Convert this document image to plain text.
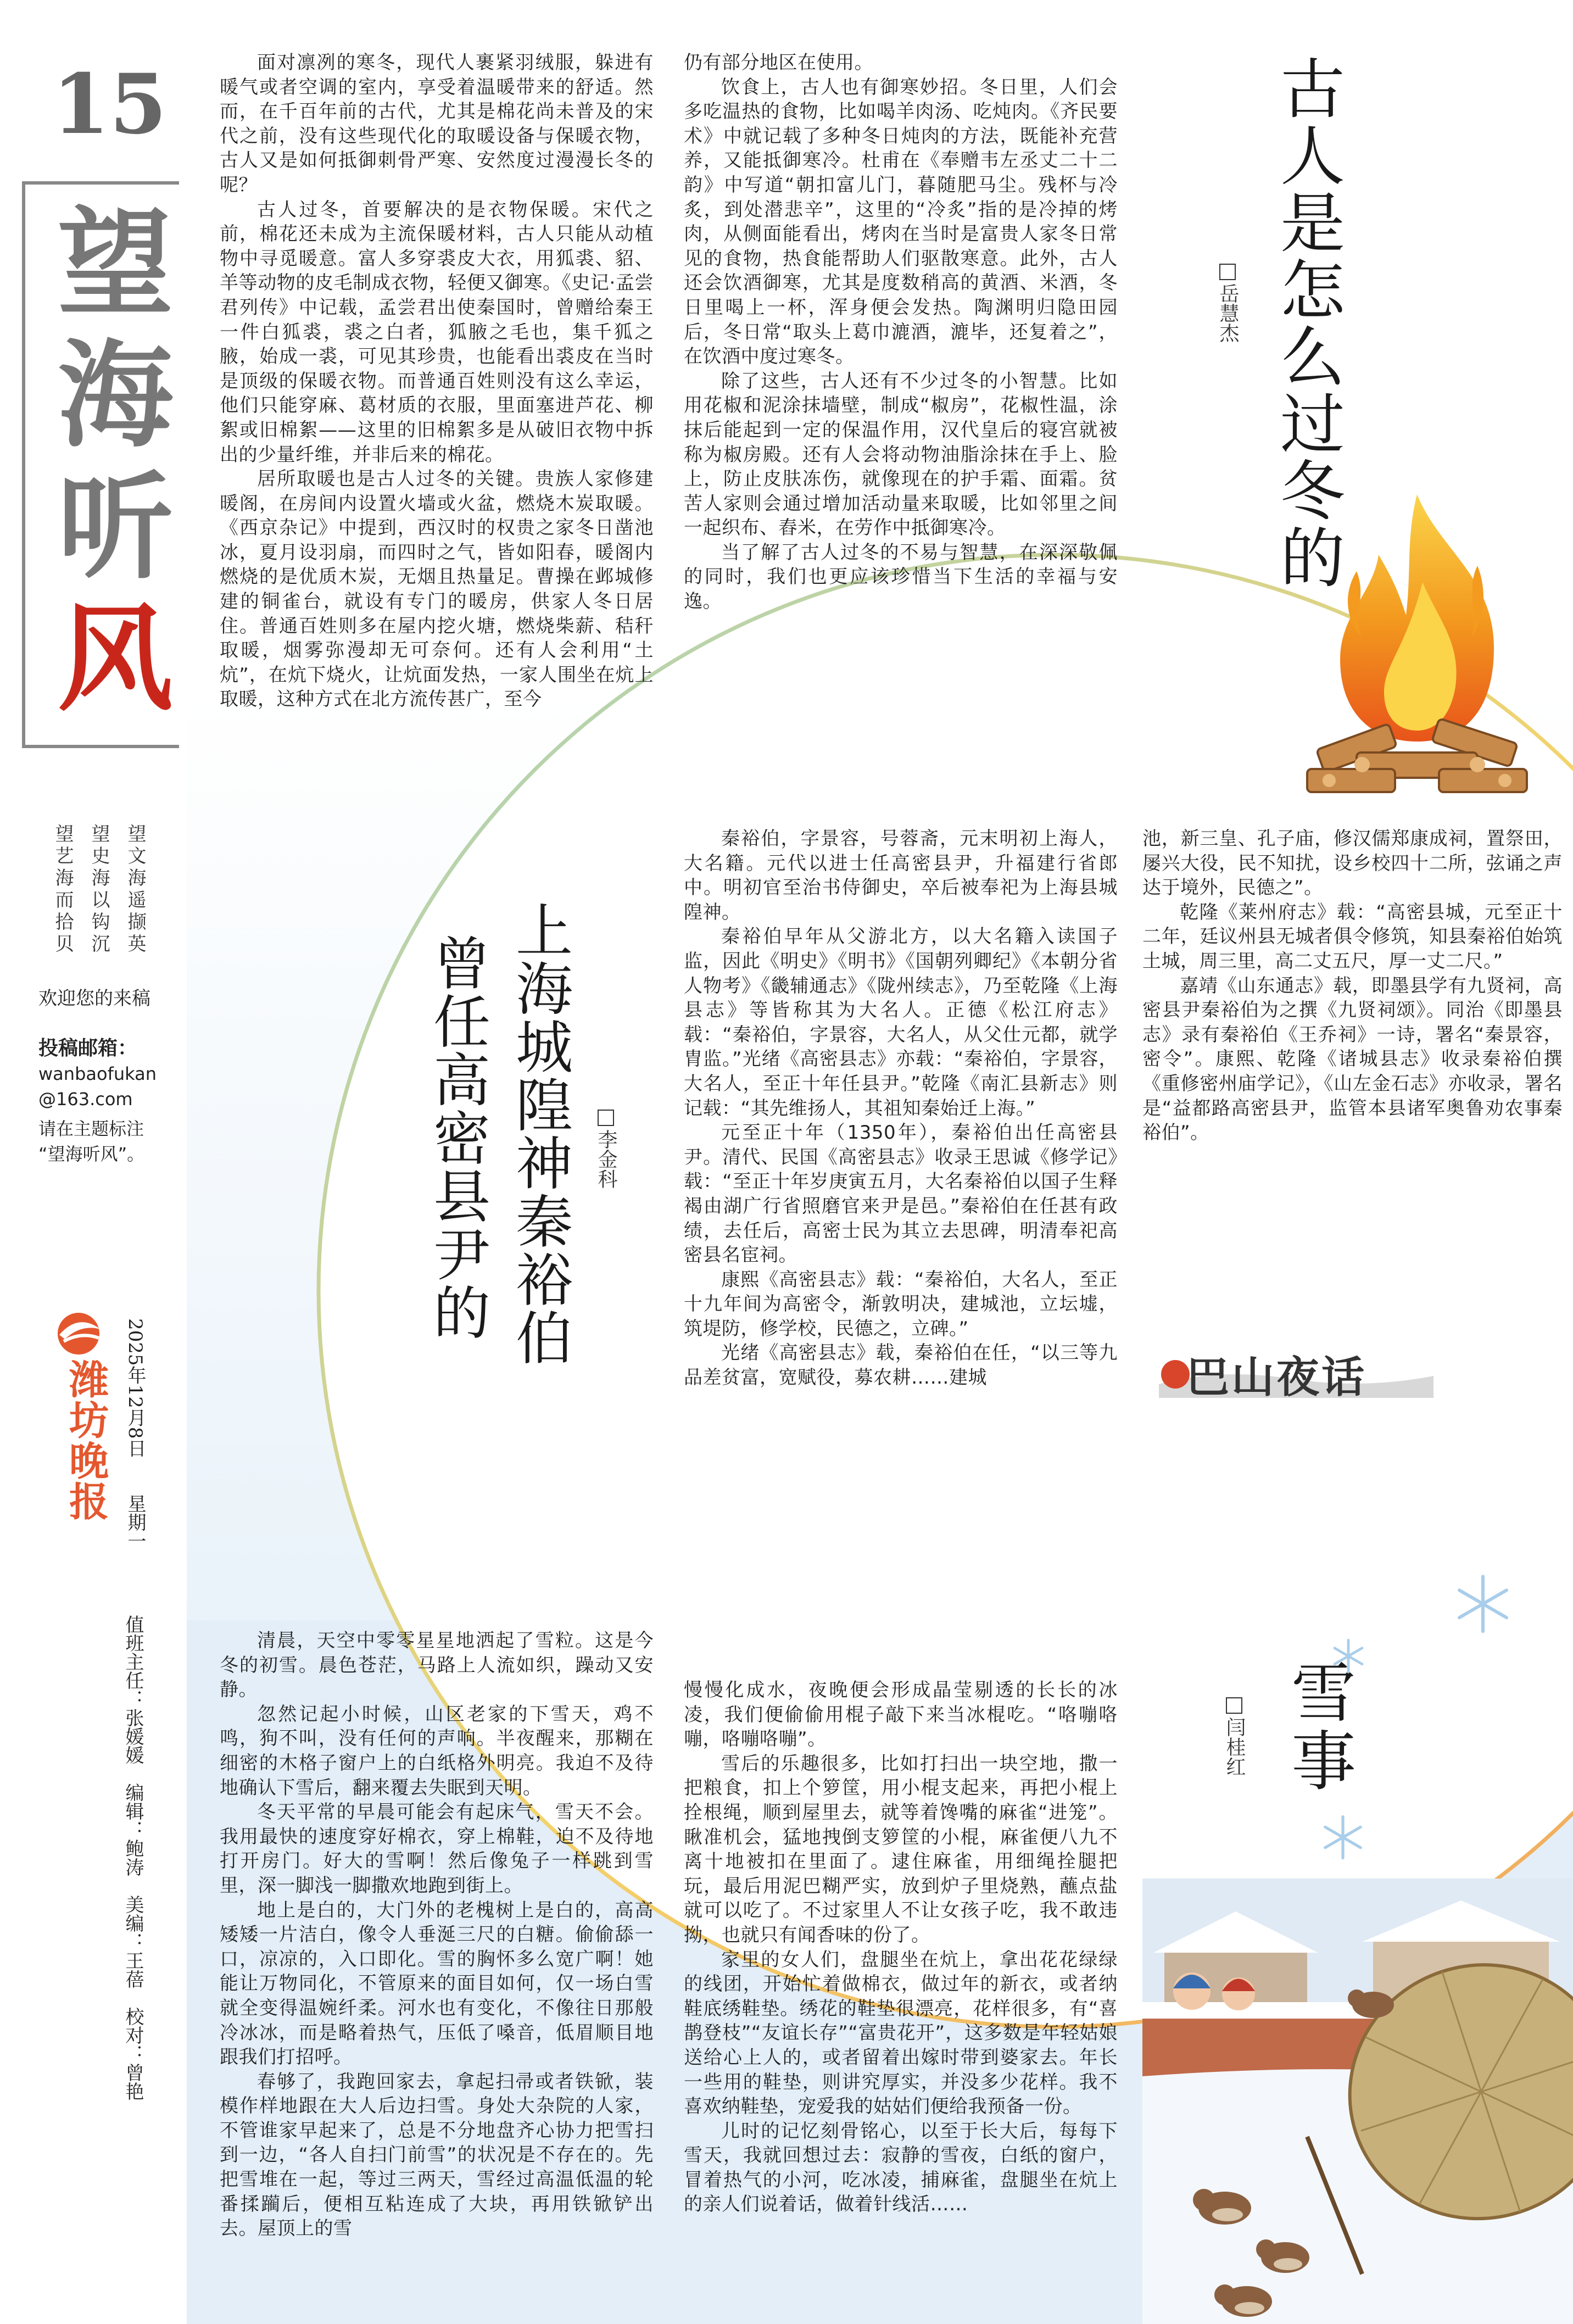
15
望
海
听
风
望文海遥撷英
望史海以钩沉
望艺海而拾贝
欢迎您的来稿
投稿邮箱：
wanbaofukan
@163.com
请在主题标注
“望海听风”。
潍坊晚报 2025年12月8日
星期一
值班主任：张媛媛　编辑：鲍涛　美编：王蓓　校对：曾艳

面对凛冽的寒冬，现代人裹紧羽绒服，躲进有暖气或者空调的室内，享受着温暖带来的舒适。然而，在千百年前的古代，尤其是棉花尚未普及的宋代之前，没有这些现代化的取暖设备与保暖衣物，古人又是如何抵御刺骨严寒、安然度过漫漫长冬的呢？

古人过冬，首要解决的是衣物保暖。宋代之前，棉花还未成为主流保暖材料，古人只能从动植物中寻觅暖意。富人多穿裘皮大衣，用狐裘、貂、羊等动物的皮毛制成衣物，轻便又御寒。《史记·孟尝君列传》中记载，孟尝君出使秦国时，曾赠给秦王一件白狐裘，裘之白者，狐腋之毛也，集千狐之腋，始成一裘，可见其珍贵，也能看出裘皮在当时是顶级的保暖衣物。而普通百姓则没有这么幸运，他们只能穿麻、葛材质的衣服，里面塞进芦花、柳絮或旧棉絮——这里的旧棉絮多是从破旧衣物中拆出的少量纤维，并非后来的棉花。

居所取暖也是古人过冬的关键。贵族人家修建暖阁，在房间内设置火墙或火盆，燃烧木炭取暖。《西京杂记》中提到，西汉时的权贵之家冬日凿池冰，夏月设羽扇，而四时之气，皆如阳春，暖阁内燃烧的是优质木炭，无烟且热量足。曹操在邺城修建的铜雀台，就设有专门的暖房，供家人冬日居住。普通百姓则多在屋内挖火塘，燃烧柴薪、秸秆取暖，烟雾弥漫却无可奈何。还有人会利用“土炕”，在炕下烧火，让炕面发热，一家人围坐在炕上取暖，这种方式在北方流传甚广，至今

仍有部分地区在使用。

饮食上，古人也有御寒妙招。冬日里，人们会多吃温热的食物，比如喝羊肉汤、吃炖肉。《齐民要术》中就记载了多种冬日炖肉的方法，既能补充营养，又能抵御寒冷。杜甫在《奉赠韦左丞丈二十二韵》中写道“朝扣富儿门，暮随肥马尘。残杯与冷炙，到处潜悲辛”，这里的“冷炙”指的是冷掉的烤肉，从侧面能看出，烤肉在当时是富贵人家冬日常见的食物，热食能帮助人们驱散寒意。此外，古人还会饮酒御寒，尤其是度数稍高的黄酒、米酒，冬日里喝上一杯，浑身便会发热。陶渊明归隐田园后，冬日常“取头上葛巾漉酒，漉毕，还复着之”，在饮酒中度过寒冬。

除了这些，古人还有不少过冬的小智慧。比如用花椒和泥涂抹墙壁，制成“椒房”，花椒性温，涂抹后能起到一定的保温作用，汉代皇后的寝宫就被称为椒房殿。还有人会将动物油脂涂抹在手上、脸上，防止皮肤冻伤，就像现在的护手霜、面霜。贫苦人家则会通过增加活动量来取暖，比如邻里之间一起织布、舂米，在劳作中抵御寒冷。

当了解了古人过冬的不易与智慧，在深深敬佩的同时，我们也更应该珍惜当下生活的幸福与安逸。

古人是怎么过冬的
岳慧杰
上海城隍神秦裕伯
曾任高密县尹的	李金科

秦裕伯，字景容，号蓉斋，元末明初上海人，大名籍。元代以进士任高密县尹，升福建行省郎中。明初官至治书侍御史，卒后被奉祀为上海县城隍神。

秦裕伯早年从父游北方，以大名籍入读国子监，因此《明史》《明书》《国朝列卿纪》《本朝分省人物考》《畿辅通志》《陇州续志》，乃至乾隆《上海县志》等皆称其为大名人。正德《松江府志》载：“秦裕伯，字景容，大名人，从父仕元都，就学胄监。”光绪《高密县志》亦载：“秦裕伯，字景容，大名人，至正十年任县尹。”乾隆《南汇县新志》则记载：“其先维扬人，其祖知秦始迁上海。”

元至正十年（1350年），秦裕伯出任高密县尹。清代、民国《高密县志》收录王思诚《修学记》载：“至正十年岁庚寅五月，大名秦裕伯以国子生释褐由湖广行省照磨官来尹是邑。”秦裕伯在任甚有政绩，去任后，高密士民为其立去思碑，明清奉祀高密县名宦祠。

康熙《高密县志》载：“秦裕伯，大名人，至正十九年间为高密令，渐敦明决，建城池，立坛墟，筑堤防，修学校，民德之，立碑。”

光绪《高密县志》载，秦裕伯在任，“以三等九品差贫富，宽赋役，募农耕……建城

池，新三皇、孔子庙，修汉儒郑康成祠，置祭田，屡兴大役，民不知扰，设乡校四十二所，弦诵之声达于境外，民德之”。

乾隆《莱州府志》载：“高密县城，元至正十二年，廷议州县无城者俱令修筑，知县秦裕伯始筑土城，周三里，高二丈五尺，厚一丈二尺。”

嘉靖《山东通志》载，即墨县学有九贤祠，高密县尹秦裕伯为之撰《九贤祠颂》。同治《即墨县志》录有秦裕伯《王乔祠》一诗，署名“秦景容，密令”。康熙、乾隆《诸城县志》收录秦裕伯撰《重修密州庙学记》，《山左金石志》亦收录，署名是“益都路高密县尹，监管本县诸军奥鲁劝农事秦裕伯”。

巴山夜话

清晨，天空中零零星星地洒起了雪粒。这是今冬的初雪。晨色苍茫，马路上人流如织，躁动又安静。

忽然记起小时候，山区老家的下雪天，鸡不鸣，狗不叫，没有任何的声响。半夜醒来，那糊在细密的木格子窗户上的白纸格外明亮。我迫不及待地确认下雪后，翻来覆去失眠到天明。

冬天平常的早晨可能会有起床气，雪天不会。我用最快的速度穿好棉衣，穿上棉鞋，迫不及待地打开房门。好大的雪啊！然后像兔子一样跳到雪里，深一脚浅一脚撒欢地跑到街上。

地上是白的，大门外的老槐树上是白的，高高矮矮一片洁白，像令人垂涎三尺的白糖。偷偷舔一口，凉凉的，入口即化。雪的胸怀多么宽广啊！她能让万物同化，不管原来的面目如何，仅一场白雪就全变得温婉纤柔。河水也有变化，不像往日那般冷冰冰，而是略着热气，压低了嗓音，低眉顺目地跟我们打招呼。

春够了，我跑回家去，拿起扫帚或者铁锨，装模作样地跟在大人后边扫雪。身处大杂院的人家，不管谁家早起来了，总是不分地盘齐心协力把雪扫到一边，“各人自扫门前雪”的状况是不存在的。先把雪堆在一起，等过三两天，雪经过高温低温的轮番揉躏后，便相互粘连成了大块，再用铁锨铲出去。屋顶上的雪

慢慢化成水，夜晚便会形成晶莹剔透的长长的冰凌，我们便偷偷用棍子敲下来当冰棍吃。“咯嘣咯嘣，咯嘣咯嘣”。

雪后的乐趣很多，比如打扫出一块空地，撒一把粮食，扣上个箩筐，用小棍支起来，再把小棍上拴根绳，顺到屋里去，就等着馋嘴的麻雀“进笼”。瞅准机会，猛地拽倒支箩筐的小棍，麻雀便八九不离十地被扣在里面了。逮住麻雀，用细绳拴腿把玩，最后用泥巴糊严实，放到炉子里烧熟，蘸点盐就可以吃了。不过家里人不让女孩子吃，我不敢违拗，也就只有闻香味的份了。

家里的女人们，盘腿坐在炕上，拿出花花绿绿的线团，开始忙着做棉衣，做过年的新衣，或者纳鞋底绣鞋垫。绣花的鞋垫很漂亮，花样很多，有“喜鹊登枝”“友谊长存”“富贵花开”，这多数是年轻姑娘送给心上人的，或者留着出嫁时带到婆家去。年长一些用的鞋垫，则讲究厚实，并没多少花样。我不喜欢纳鞋垫，宠爱我的姑姑们便给我预备一份。

儿时的记忆刻骨铭心，以至于长大后，每每下雪天，我就回想过去：寂静的雪夜，白纸的窗户，冒着热气的小河，吃冰凌，捕麻雀，盘腿坐在炕上的亲人们说着话，做着针线活……

雪事
闫桂红
